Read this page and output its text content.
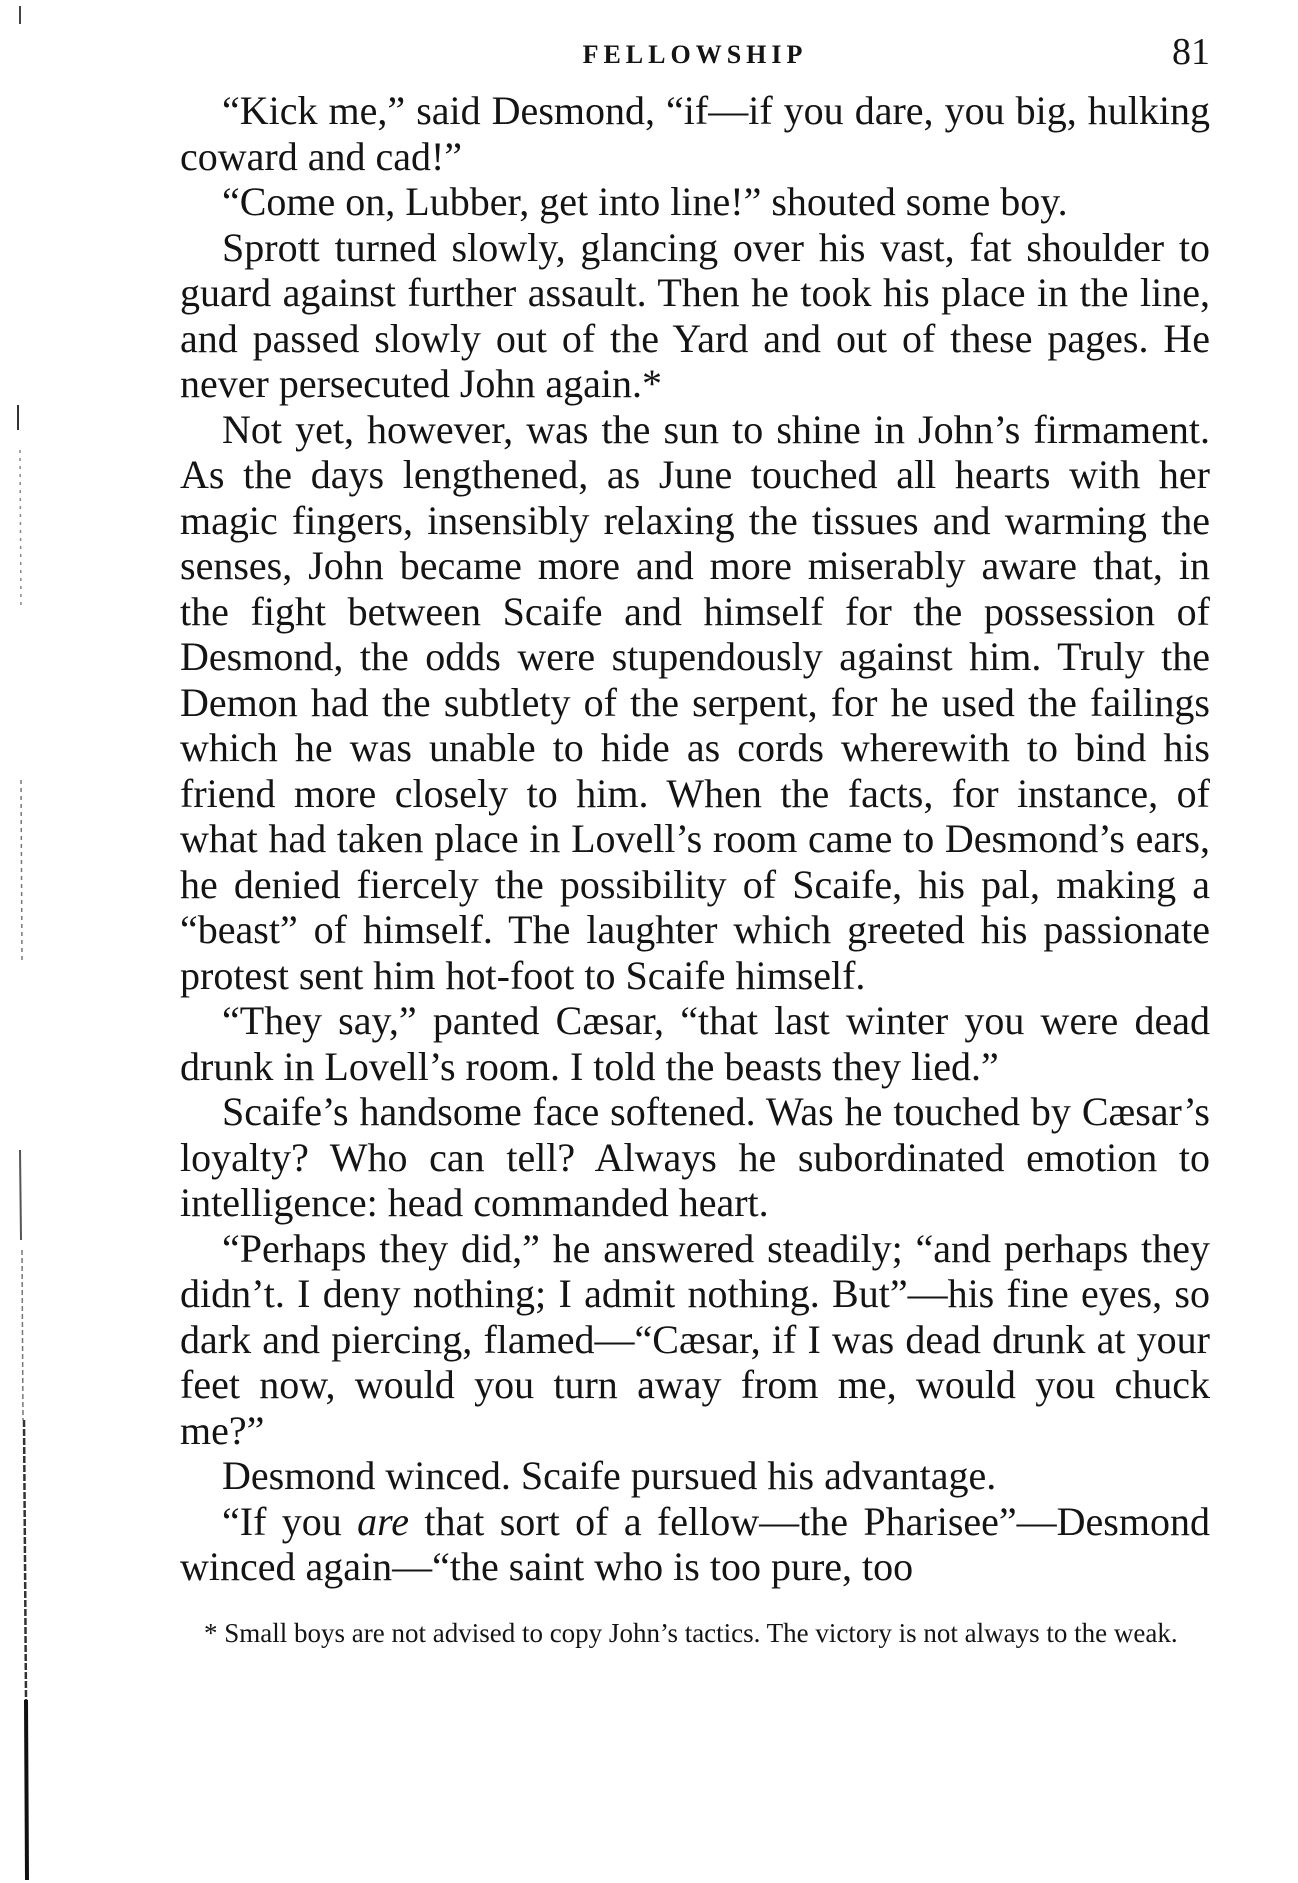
FELLOWSHIP	81

“Kick me,” said Desmond, “if—if you dare, you big, hulking coward and cad!”

“Come on, Lubber, get into line!” shouted some boy.

Sprott turned slowly, glancing over his vast, fat shoulder to guard against further assault. Then he took his place in the line, and passed slowly out of the Yard and out of these pages. He never persecuted John again.*

Not yet, however, was the sun to shine in John’s firmament. As the days lengthened, as June touched all hearts with her magic fingers, insensibly relaxing the tissues and warming the senses, John became more and more miserably aware that, in the fight between Scaife and himself for the possession of Desmond, the odds were stupendously against him. Truly the Demon had the subtlety of the serpent, for he used the failings which he was unable to hide as cords wherewith to bind his friend more closely to him. When the facts, for instance, of what had taken place in Lovell’s room came to Desmond’s ears, he denied fiercely the possibility of Scaife, his pal, making a “beast” of himself. The laughter which greeted his passionate protest sent him hot-foot to Scaife himself.

“They say,” panted Cæsar, “that last winter you were dead drunk in Lovell’s room. I told the beasts they lied.”

Scaife’s handsome face softened. Was he touched by Cæsar’s loyalty? Who can tell? Always he subordinated emotion to intelligence: head commanded heart.

“Perhaps they did,” he answered steadily; “and perhaps they didn’t. I deny nothing; I admit nothing. But”—his fine eyes, so dark and piercing, flamed—“Cæsar, if I was dead drunk at your feet now, would you turn away from me, would you chuck me?”

Desmond winced. Scaife pursued his advantage.

“If you are that sort of a fellow—the Pharisee”—Desmond winced again—“the saint who is too pure, too

* Small boys are not advised to copy John’s tactics. The victory is not always to the weak.
